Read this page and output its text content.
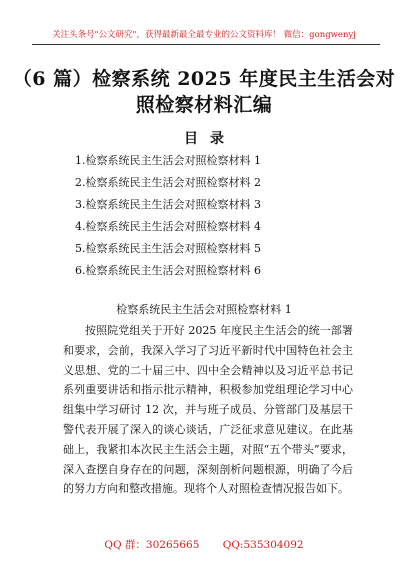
关注头条号"公文研究"，获得最新最全最专业的公文资料库！ 微信：gongwenyj
（6 篇）检察系统 2025 年度民主生活会对
照检察材料汇编
目录
1.检察系统民主生活会对照检察材料 1
2.检察系统民主生活会对照检察材料 2
3.检察系统民主生活会对照检察材料 3
4.检察系统民主生活会对照检察材料 4
5.检察系统民主生活会对照检察材料 5
6.检察系统民主生活会对照检察材料 6
检察系统民主生活会对照检察材料 1

按照院党组关于开好 2025 年度民主生活会的统一部署和要求，会前，我深入学习了习近平新时代中国特色社会主义思想、党的二十届三中、四中全会精神以及习近平总书记系列重要讲话和指示批示精神，积极参加党组理论学习中心组集中学习研讨 12 次，并与班子成员、分管部门及基层干警代表开展了深入的谈心谈话，广泛征求意见建议。在此基础上，我紧扣本次民主生活会主题，对照“五个带头”要求，深入查摆自身存在的问题，深刻剖析问题根源，明确了今后的努力方向和整改措施。现将个人对照检查情况报告如下。

QQ 群：30265665 QQ:535304092
